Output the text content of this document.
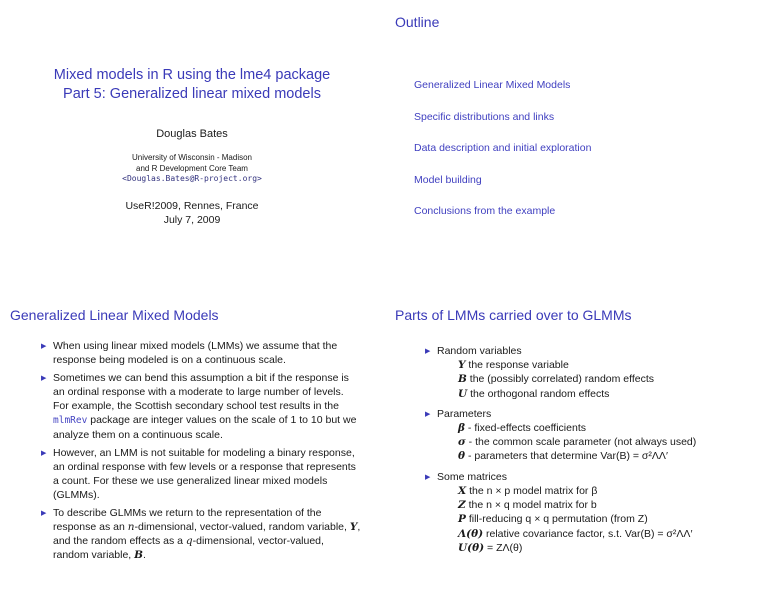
Mixed models in R using the lme4 package
Part 5: Generalized linear mixed models
Douglas Bates
University of Wisconsin - Madison
and R Development Core Team
<Douglas.Bates@R-project.org>
UseR!2009, Rennes, France
July 7, 2009
Outline
Generalized Linear Mixed Models
Specific distributions and links
Data description and initial exploration
Model building
Conclusions from the example
Generalized Linear Mixed Models
▶ When using linear mixed models (LMMs) we assume that the response being modeled is on a continuous scale.
▶ Sometimes we can bend this assumption a bit if the response is an ordinal response with a moderate to large number of levels. For example, the Scottish secondary school test results in the mlmRev package are integer values on the scale of 1 to 10 but we analyze them on a continuous scale.
▶ However, an LMM is not suitable for modeling a binary response, an ordinal response with few levels or a response that represents a count. For these we use generalized linear mixed models (GLMMs).
▶ To describe GLMMs we return to the representation of the response as an n-dimensional, vector-valued, random variable, Y, and the random effects as a q-dimensional, vector-valued, random variable, B.
Parts of LMMs carried over to GLMMs
▶ Random variables
Y the response variable
B the (possibly correlated) random effects
U the orthogonal random effects
▶ Parameters
β - fixed-effects coefficients
σ - the common scale parameter (not always used)
θ - parameters that determine Var(B) = σ²ΛΛ′
▶ Some matrices
X the n × p model matrix for β
Z the n × q model matrix for b
P fill-reducing q × q permutation (from Z)
Λ(θ) relative covariance factor, s.t. Var(B) = σ²ΛΛ′
U(θ) = ZΛ(θ)
